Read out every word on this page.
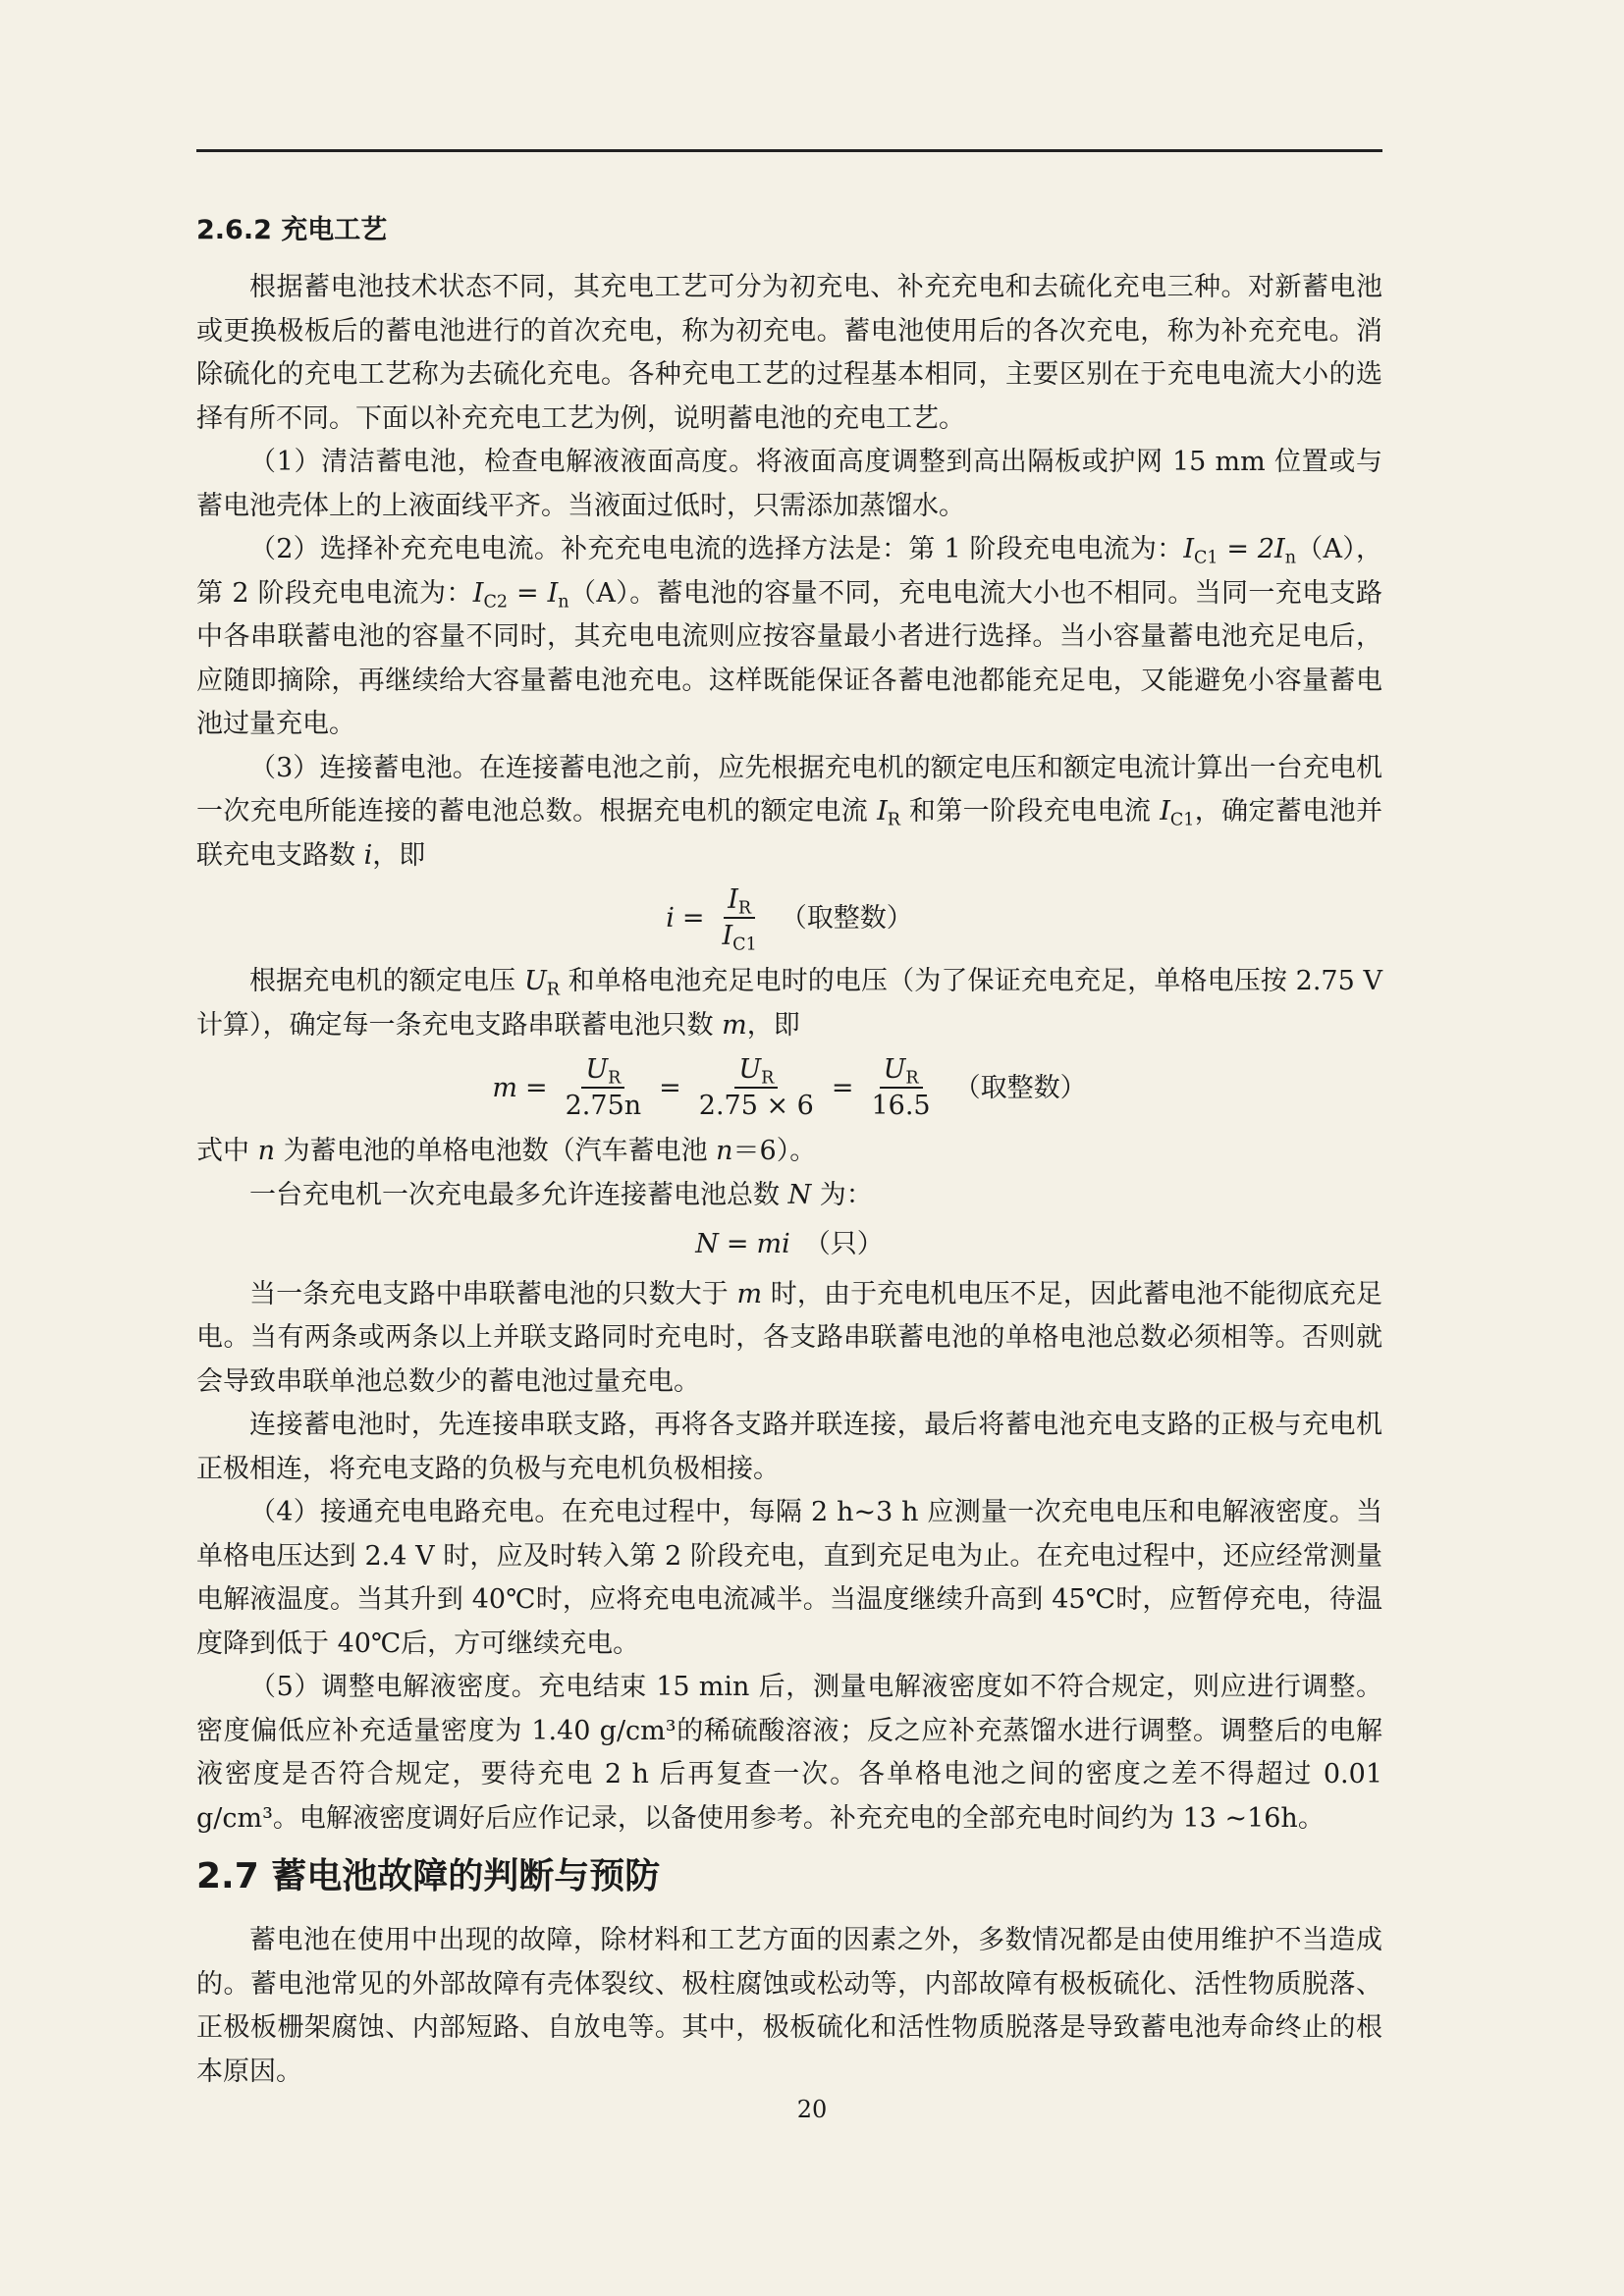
2.6.2 充电工艺

根据蓄电池技术状态不同，其充电工艺可分为初充电、补充充电和去硫化充电三种。对新蓄电池或更换极板后的蓄电池进行的首次充电，称为初充电。蓄电池使用后的各次充电，称为补充充电。消除硫化的充电工艺称为去硫化充电。各种充电工艺的过程基本相同，主要区别在于充电电流大小的选择有所不同。下面以补充充电工艺为例，说明蓄电池的充电工艺。

（1）清洁蓄电池，检查电解液液面高度。将液面高度调整到高出隔板或护网 15 mm 位置或与蓄电池壳体上的上液面线平齐。当液面过低时，只需添加蒸馏水。

（2）选择补充充电电流。补充充电电流的选择方法是：第 1 阶段充电电流为：$I_{C1} = 2I_n(A)$，第 2 阶段充电电流为：$I_{C2} = I_n(A)$。蓄电池的容量不同，充电电流大小也不相同。当同一充电支路中各串联蓄电池的容量不同时，其充电电流则应按容量最小者进行选择。当小容量蓄电池充足电后，应随即摘除，再继续给大容量蓄电池充电。这样既能保证各蓄电池都能充足电，又能避免小容量蓄电池过量充电。

（3）连接蓄电池。在连接蓄电池之前，应先根据充电机的额定电压和额定电流计算出一台充电机一次充电所能连接的蓄电池总数。根据充电机的额定电流 $I_R$ 和第一阶段充电电流 $I_{C1}$，确定蓄电池并联充电支路数 i，即

$i = \frac{I_R}{I_{C1}}$ （取整数）

根据充电机的额定电压 $U_R$ 和单格电池充足电时的电压（为了保证充电充足，单格电压按 2.75 V 计算），确定每一条充电支路串联蓄电池只数 m，即

$m = \frac{U_R}{2.75n} = \frac{U_R}{2.75 \times 6} = \frac{U_R}{16.5}$ （取整数）

式中 n 为蓄电池的单格电池数（汽车蓄电池 n＝6）。

一台充电机一次充电最多允许连接蓄电池总数 N 为：

N = mi （只）

当一条充电支路中串联蓄电池的只数大于 m 时，由于充电机电压不足，因此蓄电池不能彻底充足电。当有两条或两条以上并联支路同时充电时，各支路串联蓄电池的单格电池总数必须相等。否则就会导致串联单池总数少的蓄电池过量充电。

连接蓄电池时，先连接串联支路，再将各支路并联连接，最后将蓄电池充电支路的正极与充电机正极相连，将充电支路的负极与充电机负极相接。

（4）接通充电电路充电。在充电过程中，每隔 2 h~3 h 应测量一次充电电压和电解液密度。当单格电压达到 2.4 V 时，应及时转入第 2 阶段充电，直到充足电为止。在充电过程中，还应经常测量电解液温度。当其升到 40℃时，应将充电电流减半。当温度继续升高到 45℃时，应暂停充电，待温度降到低于 40℃后，方可继续充电。

（5）调整电解液密度。充电结束 15 min 后，测量电解液密度如不符合规定，则应进行调整。密度偏低应补充适量密度为 1.40 g/cm³的稀硫酸溶液；反之应补充蒸馏水进行调整。调整后的电解液密度是否符合规定，要待充电 2 h 后再复查一次。各单格电池之间的密度之差不得超过 0.01 g/cm³。电解液密度调好后应作记录，以备使用参考。补充充电的全部充电时间约为 13 ~16h。

2.7 蓄电池故障的判断与预防

蓄电池在使用中出现的故障，除材料和工艺方面的因素之外，多数情况都是由使用维护不当造成的。蓄电池常见的外部故障有壳体裂纹、极柱腐蚀或松动等，内部故障有极板硫化、活性物质脱落、正极板栅架腐蚀、内部短路、自放电等。其中，极板硫化和活性物质脱落是导致蓄电池寿命终止的根本原因。

20
